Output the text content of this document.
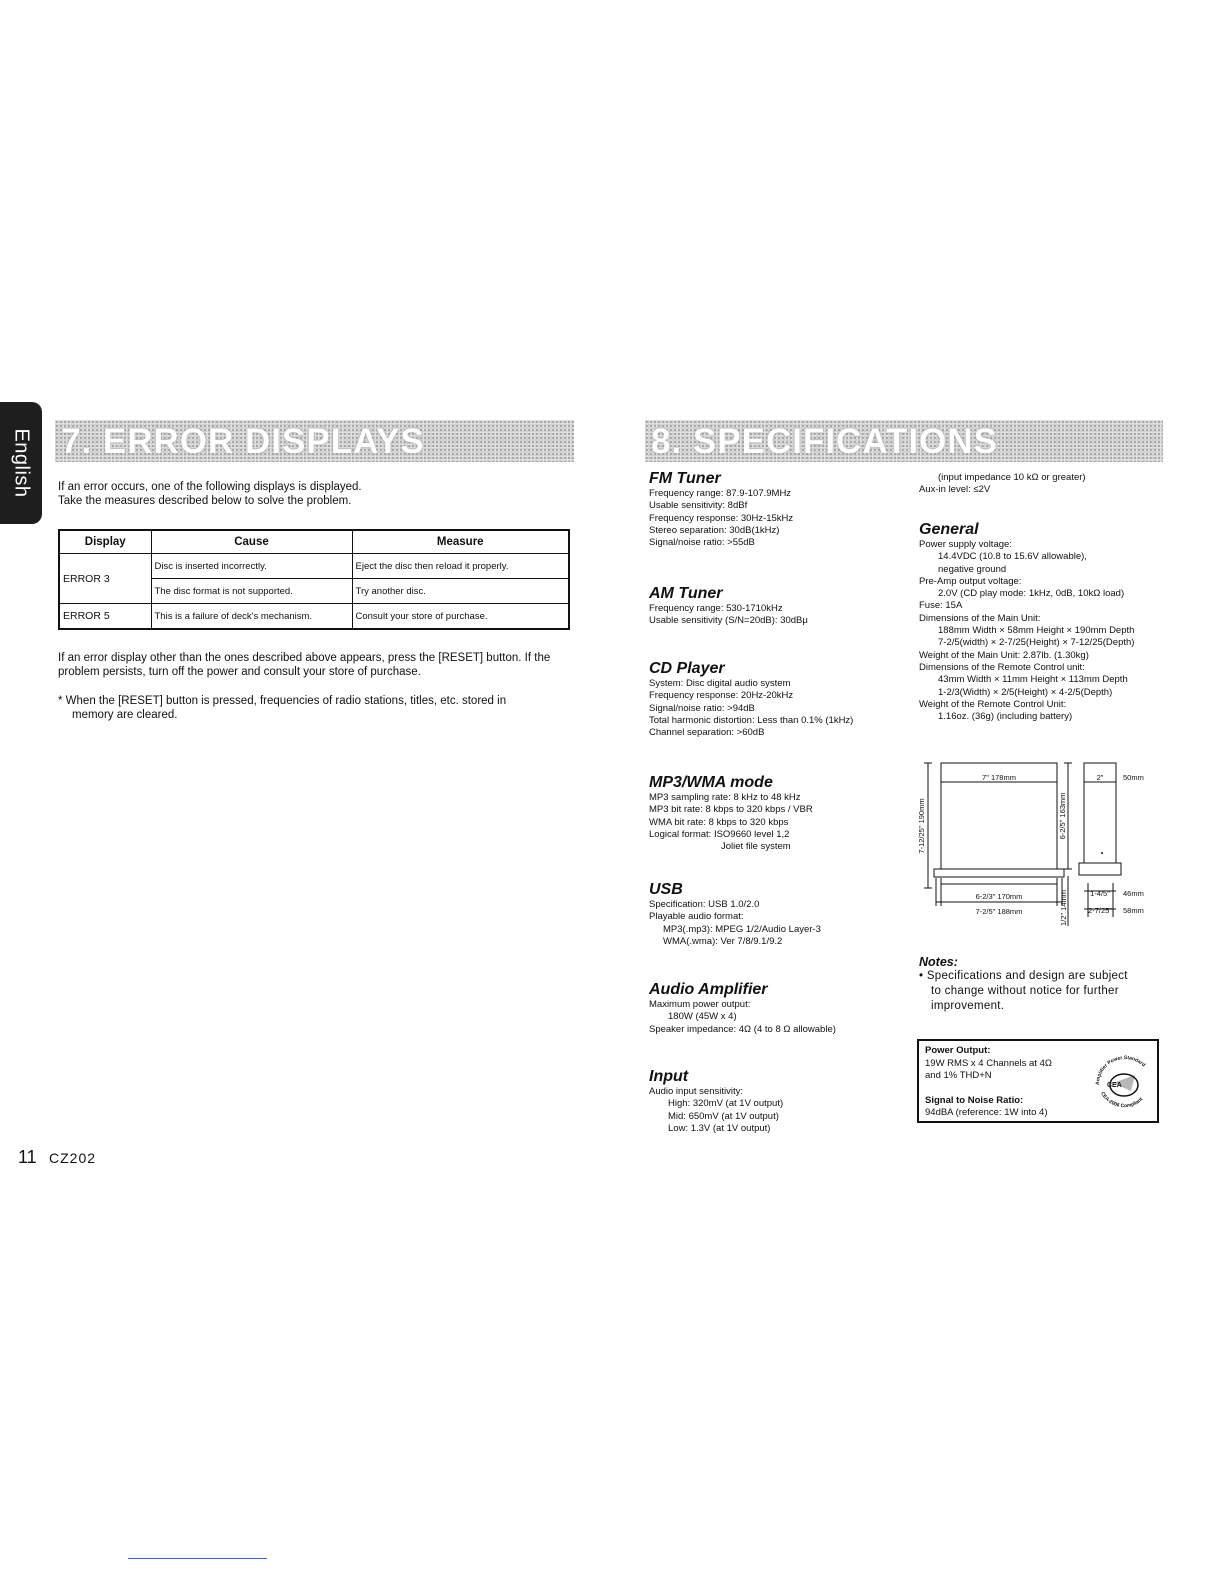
English 7. ERROR DISPLAYS
If an error occurs, one of the following displays is displayed.
Take the measures described below to solve the problem.
Display	Cause	Measure
ERROR 3	Disc is inserted incorrectly.	Eject the disc then reload it properly.
	The disc format is not supported.	Try another disc.
ERROR 5	This is a failure of deck's mechanism.	Consult your store of purchase.
If an error display other than the ones described above appears, press the [RESET] button. If the
problem persists, turn off the power and consult your store of purchase.
* When the [RESET] button is pressed, frequencies of radio stations, titles, etc. stored in
memory are cleared.
8. SPECIFICATIONS
FM Tuner
Frequency range: 87.9-107.9MHz
Usable sensitivity: 8dBf
Frequency response: 30Hz-15kHz
Stereo separation: 30dB(1kHz)
Signal/noise ratio: >55dB
AM Tuner
Frequency range: 530-1710kHz
Usable sensitivity (S/N=20dB): 30dBμ
CD Player
System: Disc digital audio system
Frequency response: 20Hz-20kHz
Signal/noise ratio: >94dB
Total harmonic distortion: Less than 0.1% (1kHz)
Channel separation: >60dB
MP3/WMA mode
MP3 sampling rate: 8 kHz to 48 kHz
MP3 bit rate: 8 kbps to 320 kbps / VBR
WMA bit rate: 8 kbps to 320 kbps
Logical format: ISO9660 level 1,2
Joliet file system
USB
Specification: USB 1.0/2.0
Playable audio format:
MP3(.mp3): MPEG 1/2/Audio Layer-3
WMA(.wma): Ver 7/8/9.1/9.2
Audio Amplifier
Maximum power output:
180W (45W x 4)
Speaker impedance: 4Ω (4 to 8 Ω allowable)
Input
Audio input sensitivity:
High: 320mV (at 1V output)
Mid: 650mV (at 1V output)
Low: 1.3V (at 1V output)
(input impedance 10 kΩ or greater)
Aux-in level: ≤2V
General
Power supply voltage:
14.4VDC (10.8 to 15.6V allowable),
negative ground
Pre-Amp output voltage:
2.0V (CD play mode: 1kHz, 0dB, 10kΩ load)
Fuse: 15A
Dimensions of the Main Unit:
188mm Width × 58mm Height × 190mm Depth
7-2/5(width) × 2-7/25(Height) × 7-12/25(Depth)
Weight of the Main Unit: 2.87lb. (1.30kg)
Dimensions of the Remote Control unit:
43mm Width × 11mm Height × 113mm Depth
1-2/3(Width) × 2/5(Height) × 4-2/5(Depth)
Weight of the Remote Control Unit:
1.16oz. (36g) (including battery)
7" 178mm
7-12/25" 190mm	6-2/5" 163mm
6-2/3" 170mm
7-2/5" 188mm	1/2" 14mm
2"	50mm
1-4/5" 46mm
2-7/25" 58mm
Notes:
• Specifications and design are subject
to change without notice for further
improvement.
Power Output:
19W RMS x 4 Channels at 4Ω
and 1% THD+N
Signal to Noise Ratio:
94dBA (reference: 1W into 4)
Amplifier Power Standard
CEA-2006 Compliant
CEA
11 CZ202
